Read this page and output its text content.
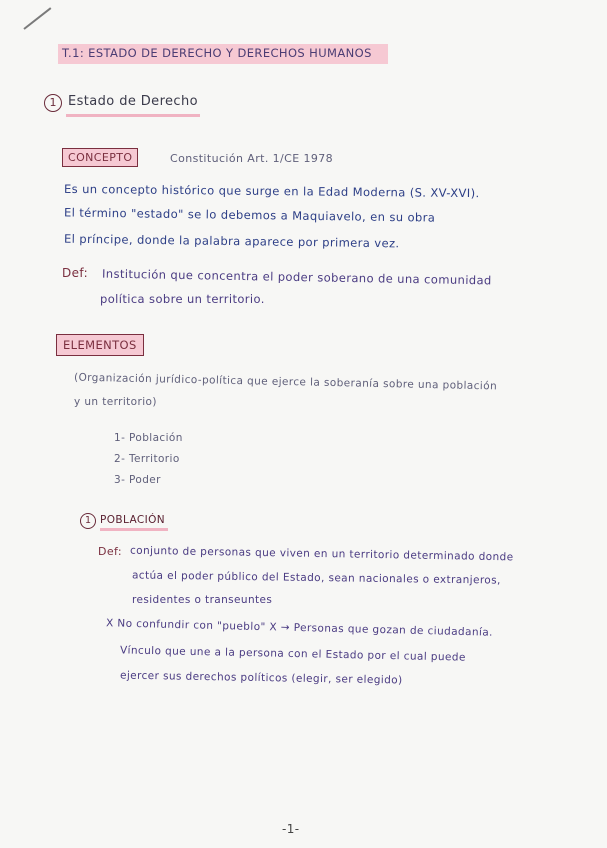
T.1: ESTADO DE DERECHO Y DERECHOS HUMANOS
1 Estado de Derecho
CONCEPTO	Constitución Art. 1/CE 1978
Es un concepto histórico que surge en la Edad Moderna (S. XV-XVI).
El término "estado" se lo debemos a Maquiavelo, en su obra
El príncipe, donde la palabra aparece por primera vez.
Def: Institución que concentra el poder soberano de una comunidad
política sobre un territorio.
ELEMENTOS
(Organización jurídico-política que ejerce la soberanía sobre una población
y un territorio)
1- Población
2- Territorio
3- Poder
1 POBLACIÓN
Def: conjunto de personas que viven en un territorio determinado donde
actúa el poder público del Estado, sean nacionales o extranjeros,
residentes o transeuntes
X No confundir con "pueblo" X → Personas que gozan de ciudadanía.
Vínculo que une a la persona con el Estado por el cual puede
ejercer sus derechos políticos (elegir, ser elegido)
-1-
